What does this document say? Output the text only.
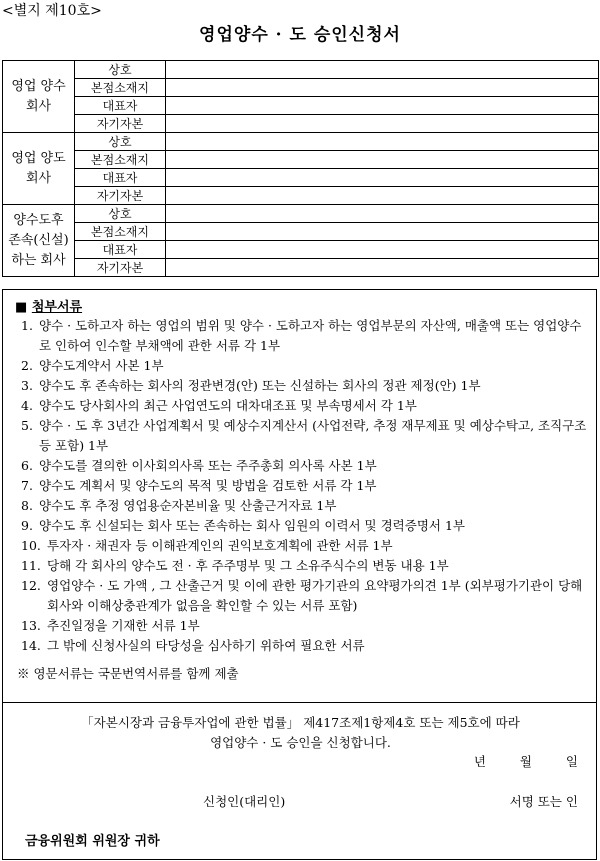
<별지 제10호>
영업양수 · 도 승인신청서
영업 양수
회사	상호	
	본점소재지	
	대표자	
	자기자본	
영업 양도
회사	상호	
	본점소재지	
	대표자	
	자기자본	
양수도후
존속(신설)
하는 회사	상호	
	본점소재지	
	대표자	
	자기자본	
■ 첨부서류
1. 양수 · 도하고자 하는 영업의 범위 및 양수 · 도하고자 하는 영업부문의 자산액, 매출액 또는 영업양수로 인하여 인수할 부채액에 관한 서류 각 1부
2. 양수도계약서 사본 1부
3. 양수도 후 존속하는 회사의 정관변경(안) 또는 신설하는 회사의 정관 제정(안) 1부
4. 양수도 당사회사의 최근 사업연도의 대차대조표 및 부속명세서 각 1부
5. 양수 · 도 후 3년간 사업계획서 및 예상수지계산서 (사업전략, 추정 재무제표 및 예상수탁고, 조직구조 등 포함) 1부
6. 양수도를 결의한 이사회의사록 또는 주주총회 의사록 사본 1부
7. 양수도 계획서 및 양수도의 목적 및 방법을 검토한 서류 각 1부
8. 양수도 후 추정 영업용순자본비율 및 산출근거자료 1부
9. 양수도 후 신설되는 회사 또는 존속하는 회사 임원의 이력서 및 경력증명서 1부
10. 투자자 · 채권자 등 이해관계인의 권익보호계획에 관한 서류 1부
11. 당해 각 회사의 양수도 전 · 후 주주명부 및 그 소유주식수의 변동 내용 1부
12. 영업양수 · 도 가액 , 그 산출근거 및 이에 관한 평가기관의 요약평가의견 1부 (외부평가기관이 당해 회사와 이해상충관계가 없음을 확인할 수 있는 서류 포함)
13. 추진일정을 기재한 서류 1부
14. 그 밖에 신청사실의 타당성을 심사하기 위하여 필요한 서류
※ 영문서류는 국문번역서류를 함께 제출
「자본시장과 금융투자업에 관한 법률」 제417조제1항제4호 또는 제5호에 따라
영업양수 · 도 승인을 신청합니다.
년 월 일
신청인(대리인)	서명 또는 인
금융위원회 위원장 귀하
